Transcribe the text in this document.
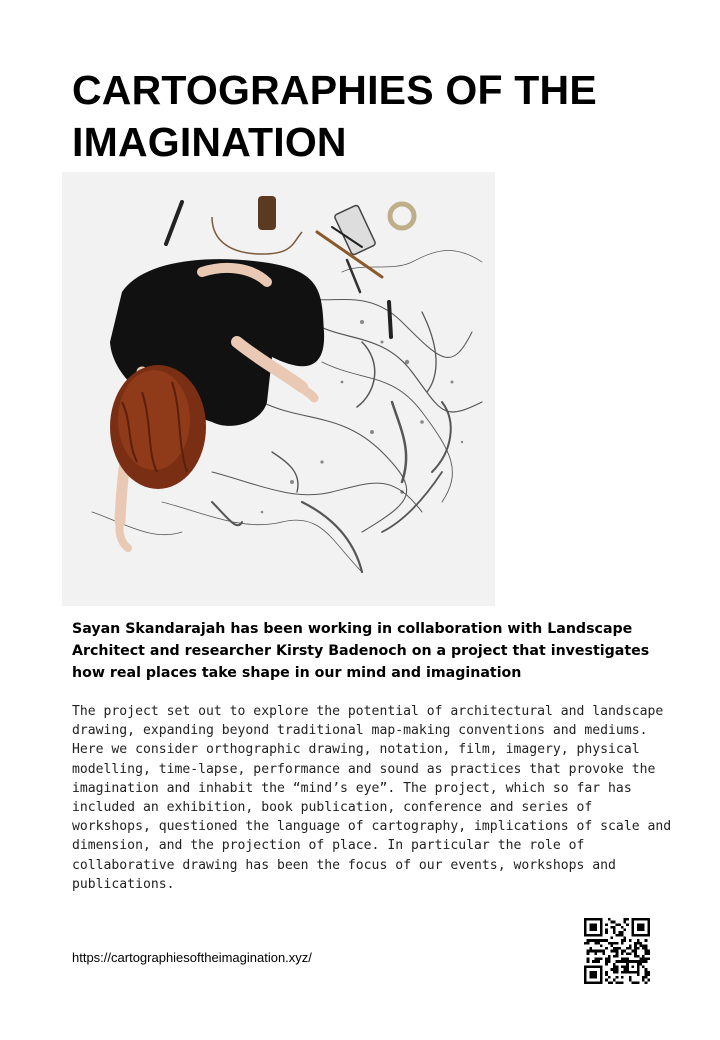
CARTOGRAPHIES OF THE IMAGINATION

Sayan Skandarajah has been working in collaboration with Landscape Architect and researcher Kirsty Badenoch on a project that investigates how real places take shape in our mind and imagination

The project set out to explore the potential of architectural and landscape drawing, expanding beyond traditional map-making conventions and mediums. Here we consider orthographic drawing, notation, film, imagery, physical modelling, time-lapse, performance and sound as practices that provoke the imagination and inhabit the “mind’s eye”. The project, which so far has included an exhibition, book publication, conference and series of workshops, questioned the language of cartography, implications of scale and dimension, and the projection of place. In particular the role of collaborative drawing has been the focus of our events, workshops and publications.

https://cartographiesoftheimagination.xyz/
